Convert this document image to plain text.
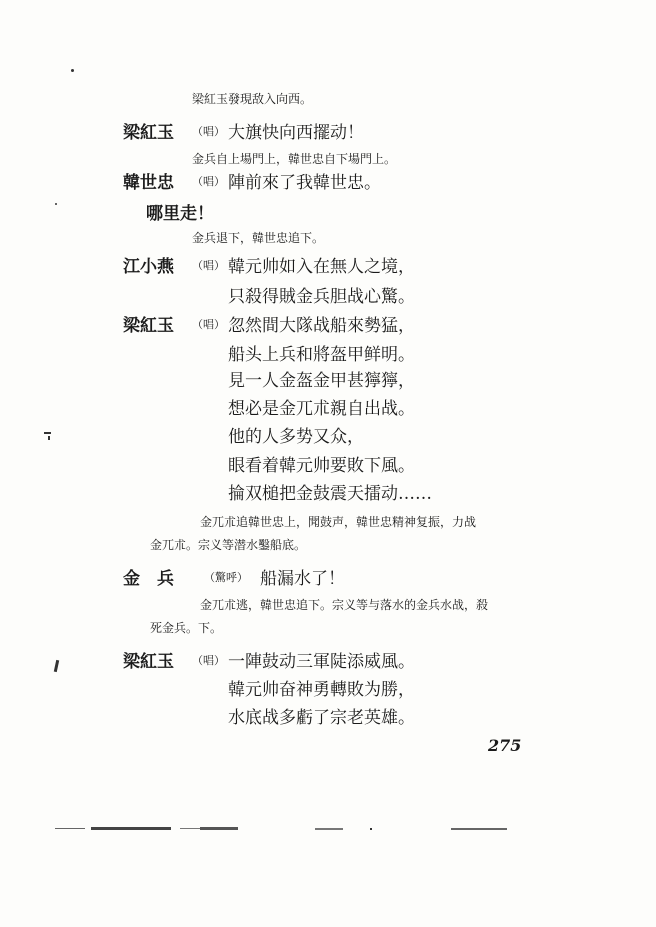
梁紅玉發現敌入向西。
梁紅玉 （唱） 大旗快向西擺动！
金兵自上場門上，韓世忠自下場門上。
韓世忠 （唱） 陣前來了我韓世忠。
哪里走！
金兵退下，韓世忠追下。
江小燕 （唱） 韓元帅如入在無人之境，
只殺得賊金兵胆战心驚。
梁紅玉 （唱） 忽然間大隊战船來勢猛，
船头上兵和將盔甲鲜明。
見一人金盔金甲甚獰獰，
想必是金兀朮親自出战。
他的人多势又众，
眼看着韓元帅要敗下風。
掄双槌把金鼓震天擂动……
金兀朮追韓世忠上，聞鼓声，韓世忠精神复振，力战
金兀朮。宗义等潜水鑿船底。
金　兵	（驚呼） 船漏水了！
金兀朮逃，韓世忠追下。宗义等与落水的金兵水战，殺
死金兵。下。
梁紅玉 （唱） 一陣鼓动三軍陡添威風。
韓元帅奋神勇轉敗为勝，
水底战多虧了宗老英雄。
275
